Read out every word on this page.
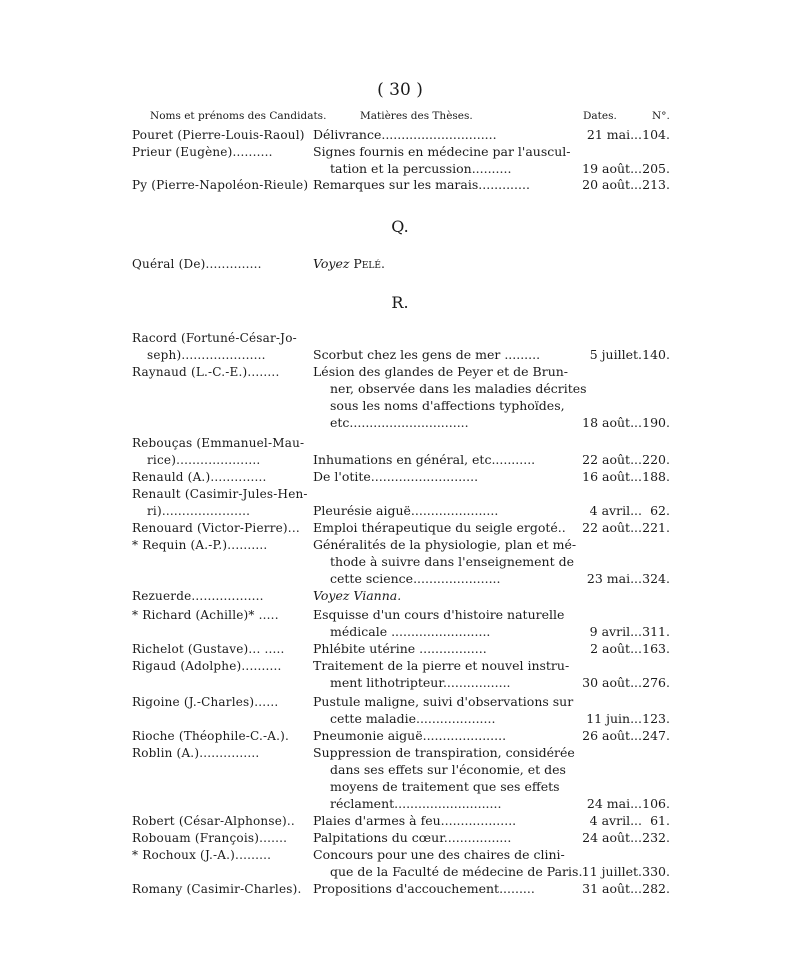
( 30 )
Noms et prénoms des Candidats.	Matières des Thèses.	Dates.	N°.
Pouret (Pierre-Louis-Raoul) Délivrance.............................	21 mai... 104.
Prieur (Eugène)..........	Signes fournis en médecine par l'auscul-
tation et la percussion..........	19 août... 205.
Py (Pierre-Napoléon-Rieule) Remarques sur les marais.............	20 août... 213.
Q.
Quéral (De)..............	Voyez Pelé.
R.
Racord (Fortuné-César-Jo-
seph).....................	Scorbut chez les gens de mer .........	5 juillet. 140.
Raynaud (L.-C.-E.)........	Lésion des glandes de Peyer et de Brun-
ner, observée dans les maladies décrites
sous les noms d'affections typhoïdes,
etc..............................	18 août... 190.
Rebouças (Emmanuel-Mau-
rice).....................	Inhumations en général, etc...........	22 août... 220.
Renauld (A.)..............	De l'otite...........................	16 août... 188.
Renault (Casimir-Jules-Hen-
ri)......................	Pleurésie aiguë......................	4 avril... 62.
Renouard (Victor-Pierre)... Emploi thérapeutique du seigle ergoté..	22 août... 221.
* Requin (A.-P.)..........	Généralités de la physiologie, plan et mé-
thode à suivre dans l'enseignement de
cette science......................	23 mai... 324.
Rezuerde..................	Voyez Vianna.
* Richard (Achille)* .....	Esquisse d'un cours d'histoire naturelle
médicale .........................	9 avril... 311.
Richelot (Gustave)... ..... Phlébite utérine .................	2 août... 163.
Rigaud (Adolphe)..........	Traitement de la pierre et nouvel instru-
ment lithotripteur.................	30 août... 276.
Rigoine (J.-Charles)......	Pustule maligne, suivi d'observations sur
cette maladie....................	11 juin... 123.
Rioche (Théophile-C.-A.). Pneumonie aiguë.....................	26 août... 247.
Roblin (A.)...............	Suppression de transpiration, considérée
dans ses effets sur l'économie, et des
moyens de traitement que ses effets
réclament...........................	24 mai... 106.
Robert (César-Alphonse).. Plaies d'armes à feu...................	4 avril... 61.
Robouam (François)....... Palpitations du cœur.................	24 août... 232.
* Rochoux (J.-A.).........	Concours pour une des chaires de clini-
que de la Faculté de médecine de Paris. 11 juillet. 330.
Romany (Casimir-Charles). Propositions d'accouchement.........	31 août... 282.
